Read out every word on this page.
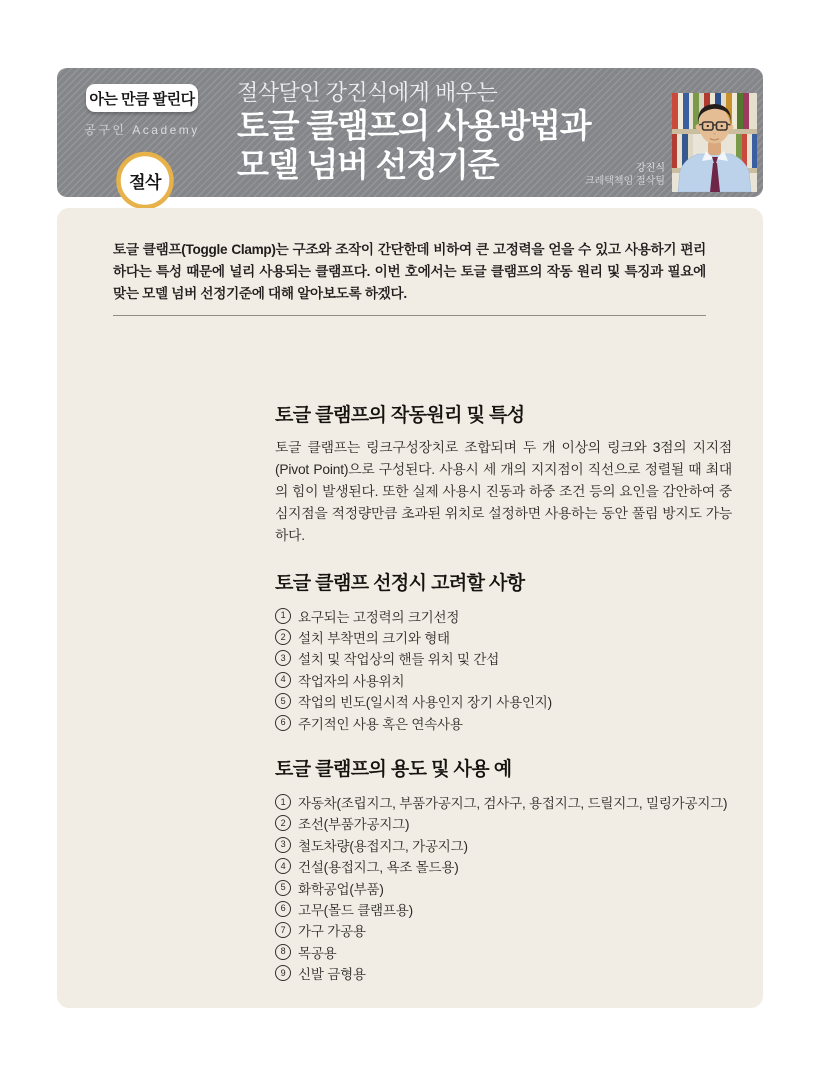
아는 만큼 팔린다
공구인 Academy

절삭달인 강진식에게 배우는

토글 클램프의 사용방법과

모델 넘버 선정기준	강진식
크레텍책임 절삭팀
절삭

토글 클램프(Toggle Clamp)는 구조와 조작이 간단한데 비하여 큰 고정력을 얻을 수 있고 사용하기 편리하다는 특성 때문에 널리 사용되는 클램프다. 이번 호에서는 토글 클램프의 작동 원리 및 특징과 필요에 맞는 모델 넘버 선정기준에 대해 알아보도록 하겠다.

토글 클램프의 작동원리 및 특성

토글 클램프는 링크구성장치로 조합되며 두 개 이상의 링크와 3점의 지지점(Pivot Point)으로 구성된다. 사용시 세 개의 지지점이 직선으로 정렬될 때 최대의 힘이 발생된다. 또한 실제 사용시 진동과 하중 조건 등의 요인을 감안하여 중심지점을 적정량만큼 초과된 위치로 설정하면 사용하는 동안 풀림 방지도 가능하다.

토글 클램프 선정시 고려할 사항
1 요구되는 고정력의 크기선정
2 설치 부착면의 크기와 형태
3 설치 및 작업상의 핸들 위치 및 간섭
4 작업자의 사용위치
5 작업의 빈도(일시적 사용인지 장기 사용인지)
6 주기적인 사용 혹은 연속사용
토글 클램프의 용도 및 사용 예
1 자동차(조립지그, 부품가공지그, 검사구, 용접지그, 드릴지그, 밀링가공지그)
2 조선(부품가공지그)
3 철도차량(용접지그, 가공지그)
4 건설(용접지그, 욕조 몰드용)
5 화학공업(부품)
6 고무(몰드 클램프용)
7 가구 가공용
8 목공용
9 신발 금형용
